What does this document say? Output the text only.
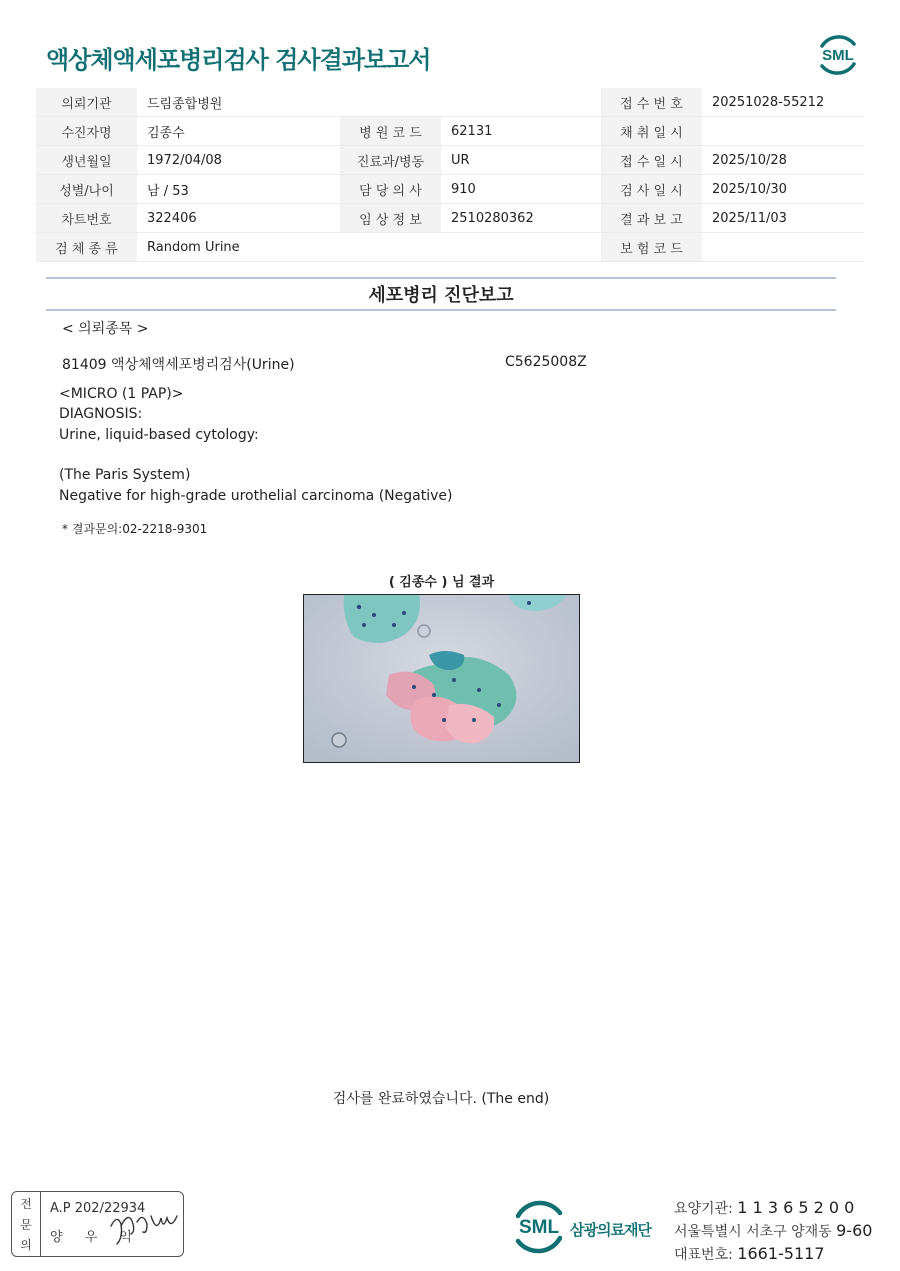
액상체액세포병리검사 검사결과보고서	SML
의뢰기관	드림종합병원			접 수 번 호	20251028-55212
수진자명	김종수	병 원 코 드	62131	채 취 일 시	
생년월일	1972/04/08	진료과/병동	UR	접 수 일 시	2025/10/28
성별/나이	남 / 53	담 당 의 사	910	검 사 일 시	2025/10/30
차트번호	322406	임 상 정 보	2510280362	결 과 보 고	2025/11/03
검 체 종 류	Random Urine			보 험 코 드	
세포병리 진단보고
< 의뢰종목 >
81409 액상체액세포병리검사(Urine)	C5625008Z
<MICRO (1 PAP)>
DIAGNOSIS:
Urine, liquid-based cytology:
(The Paris System)
Negative for high-grade urothelial carcinoma (Negative)
* 결과문의:02-2218-9301
( 김종수 ) 님 결과
검사를 완료하였습니다. (The end)
전
문
의
A.P 202/22934
양 우 익	SML 삼광의료재단
요양기관: 1 1 3 6 5 2 0 0
서울특별시 서초구 양재동 9-60
대표번호: 1661-5117
